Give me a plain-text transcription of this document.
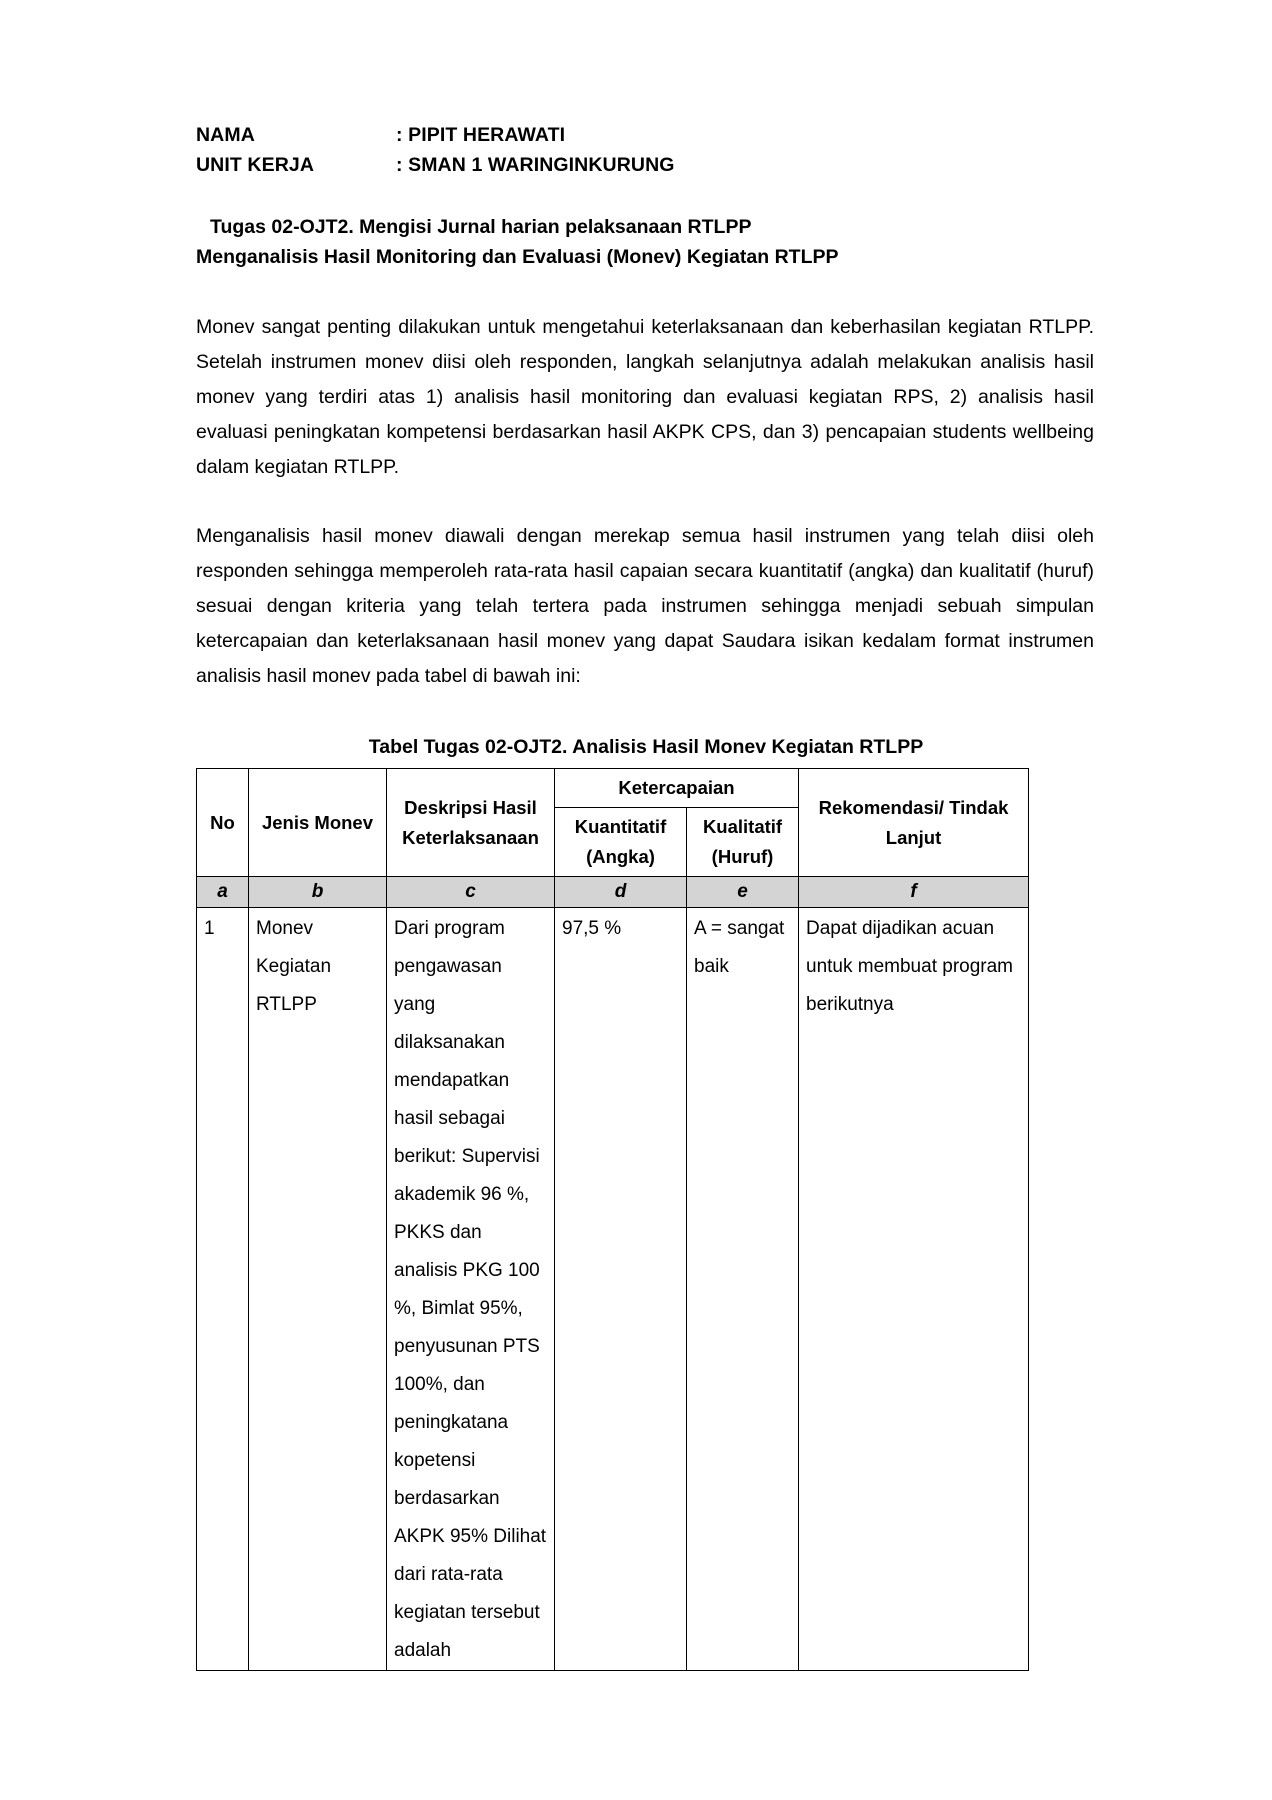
NAMA	: PIPIT HERAWATI
UNIT KERJA	: SMAN 1 WARINGINKURUNG
Tugas 02-OJT2. Mengisi Jurnal harian pelaksanaan RTLPP
Menganalisis Hasil Monitoring dan Evaluasi (Monev) Kegiatan RTLPP

Monev sangat penting dilakukan untuk mengetahui keterlaksanaan dan keberhasilan kegiatan RTLPP. Setelah instrumen monev diisi oleh responden, langkah selanjutnya adalah melakukan analisis hasil monev yang terdiri atas 1) analisis hasil monitoring dan evaluasi kegiatan RPS, 2) analisis hasil evaluasi peningkatan kompetensi berdasarkan hasil AKPK CPS, dan 3) pencapaian students wellbeing dalam kegiatan RTLPP.

Menganalisis hasil monev diawali dengan merekap semua hasil instrumen yang telah diisi oleh responden sehingga memperoleh rata-rata hasil capaian secara kuantitatif (angka) dan kualitatif (huruf) sesuai dengan kriteria yang telah tertera pada instrumen sehingga menjadi sebuah simpulan ketercapaian dan keterlaksanaan hasil monev yang dapat Saudara isikan kedalam format instrumen analisis hasil monev pada tabel di bawah ini:

Tabel Tugas 02-OJT2. Analisis Hasil Monev Kegiatan RTLPP
No	Jenis Monev	Deskripsi Hasil Keterlaksanaan	Ketercapaian		Rekomendasi/ Tindak Lanjut
			Kuantitatif (Angka)	Kualitatif (Huruf)	
a	b	c	d	e	f
1	Monev Kegiatan RTLPP	Dari program pengawasan yang dilaksanakan mendapatkan hasil sebagai berikut: Supervisi akademik 96 %, PKKS dan analisis PKG 100 %, Bimlat 95%, penyusunan PTS 100%, dan peningkatana kopetensi berdasarkan AKPK 95% Dilihat dari rata-rata kegiatan tersebut adalah	97,5 %	A = sangat baik	Dapat dijadikan acuan untuk membuat program berikutnya
